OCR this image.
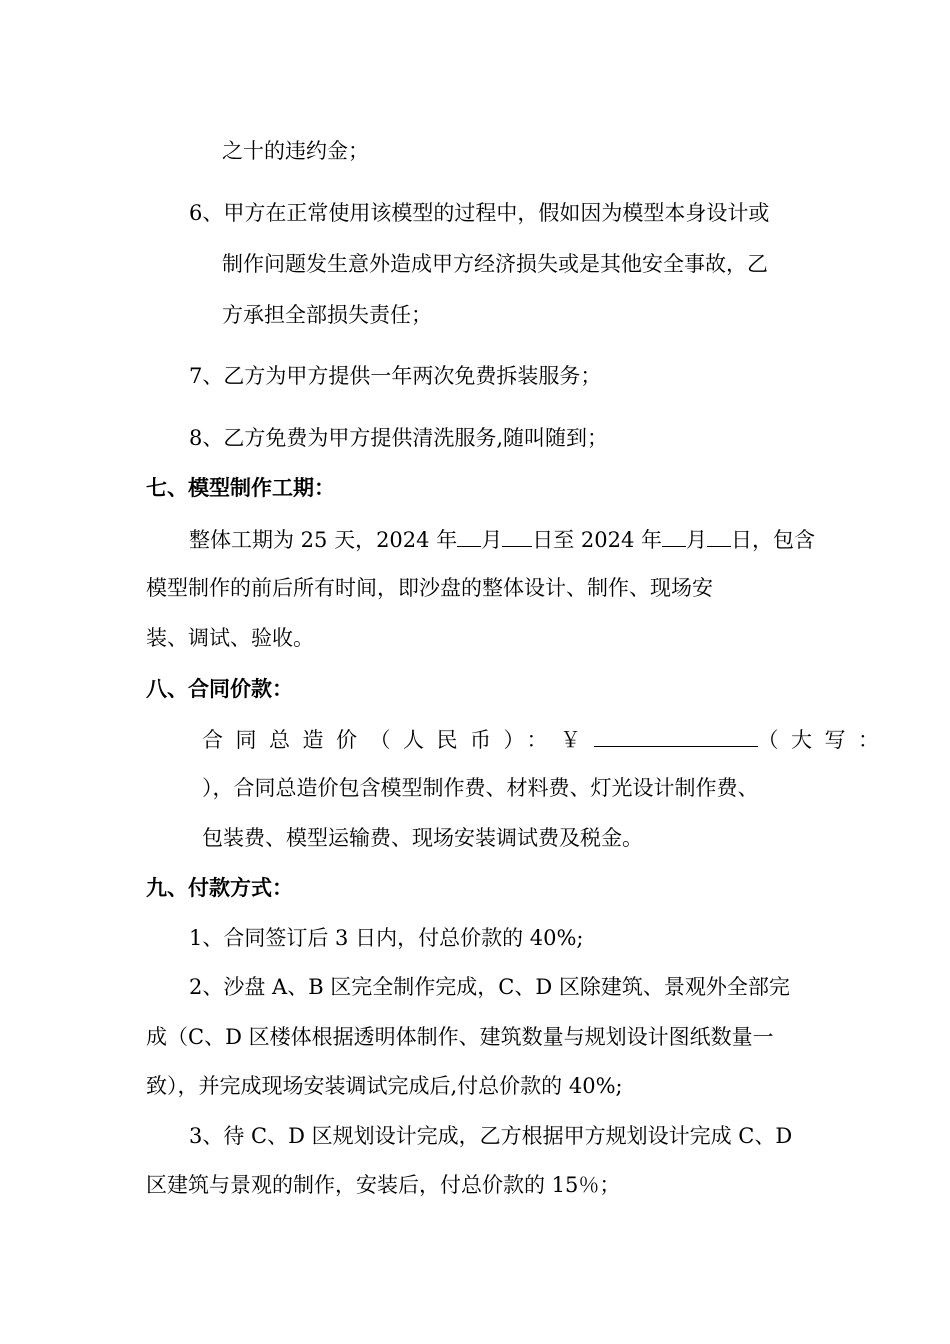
之十的违约金；

6、甲方在正常使用该模型的过程中，假如因为模型本身设计或

制作问题发生意外造成甲方经济损失或是其他安全事故，乙

方承担全部损失责任；

7、乙方为甲方提供一年两次免费拆装服务；

8、乙方免费为甲方提供清洗服务,随叫随到；

七、模型制作工期：

整体工期为 25 天，2024 年 月 日至 2024 年 月 日，包含

模型制作的前后所有时间，即沙盘的整体设计、制作、现场安

装、调试、验收。

八、合同价款：

合同总造价（人民币）：￥	（大写：

），合同总造价包含模型制作费、材料费、灯光设计制作费、

包装费、模型运输费、现场安装调试费及税金。

九、付款方式：

1、合同签订后 3 日内，付总价款的 40%;

2、沙盘 A、B 区完全制作完成，C、D 区除建筑、景观外全部完

成（C、D 区楼体根据透明体制作、建筑数量与规划设计图纸数量一

致），并完成现场安装调试完成后,付总价款的 40%;

3、待 C、D 区规划设计完成，乙方根据甲方规划设计完成 C、D

区建筑与景观的制作，安装后，付总价款的 15％；
